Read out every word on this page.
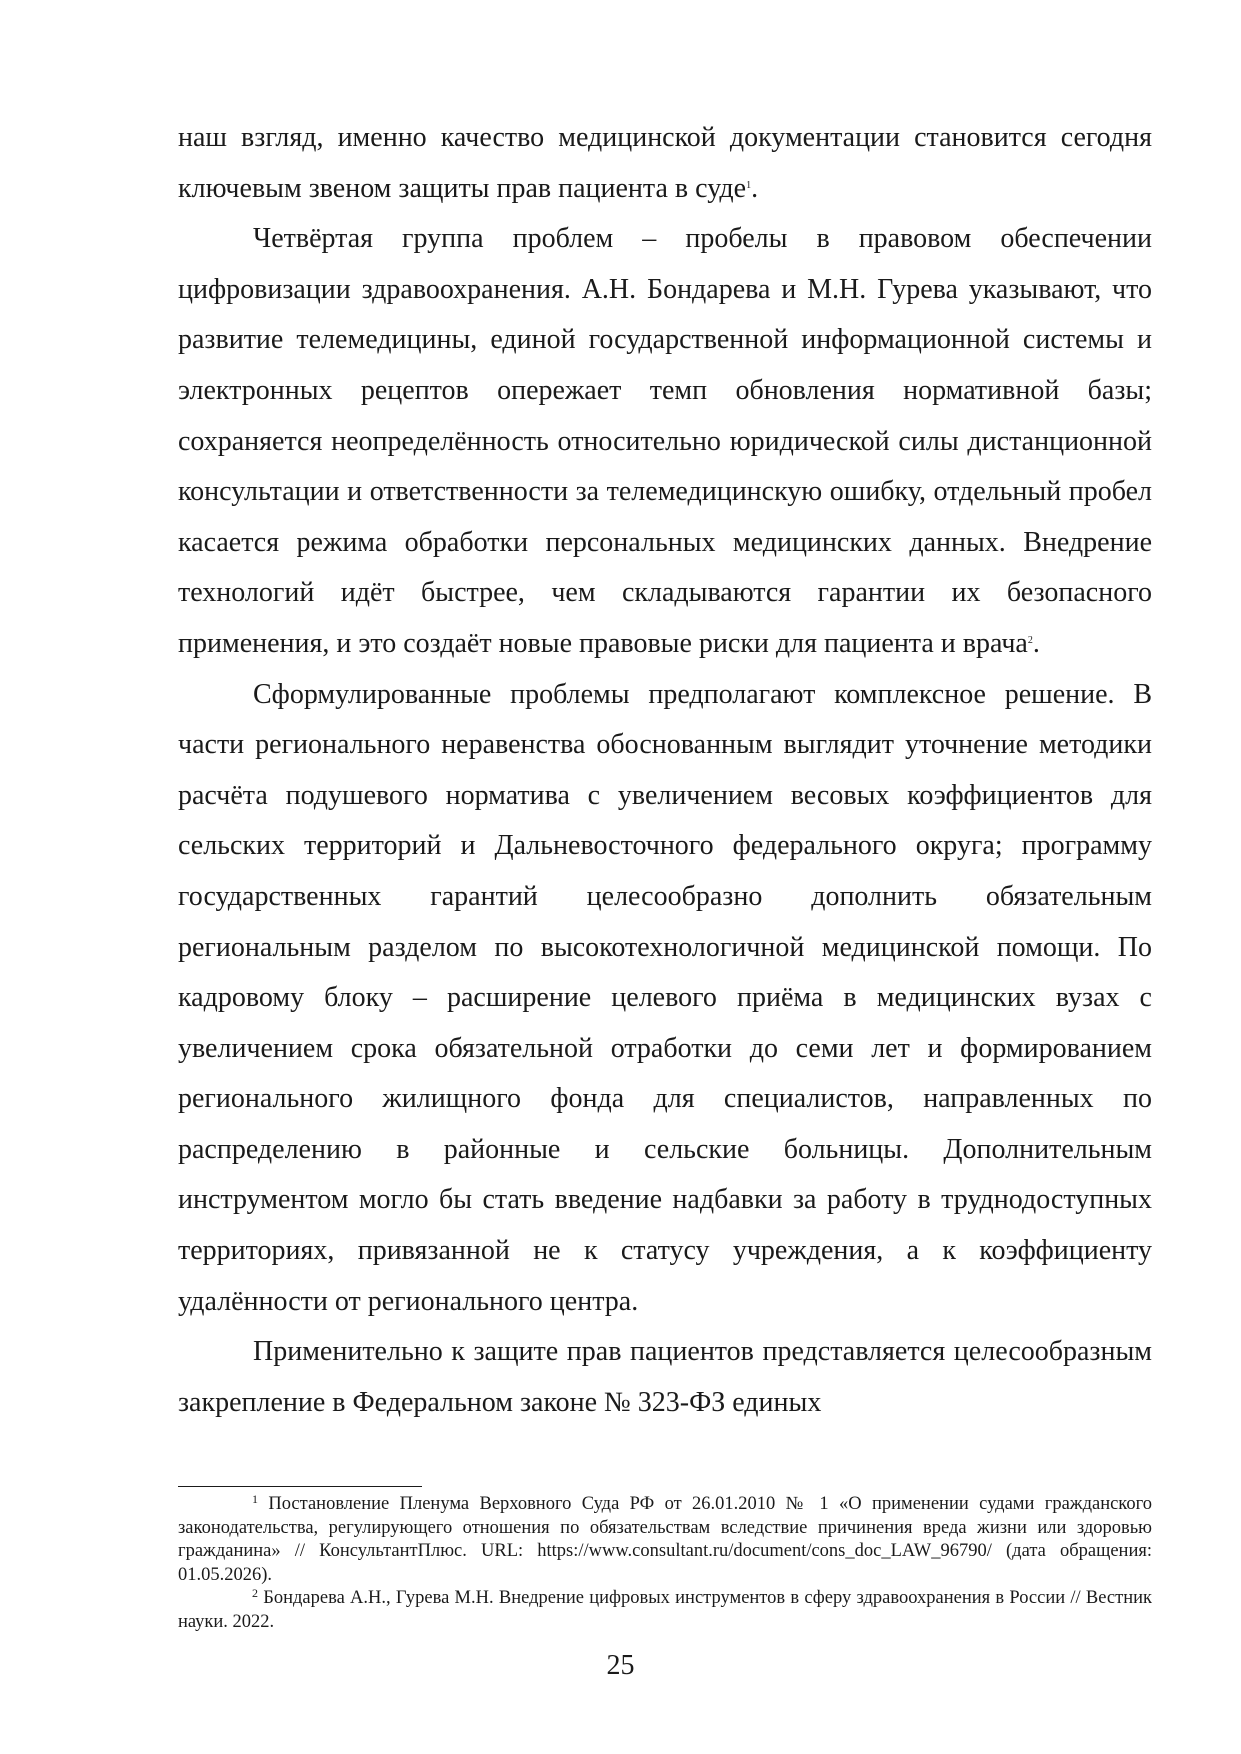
наш взгляд, именно качество медицинской документации становится сегодня ключевым звеном защиты прав пациента в суде$^1$.

Четвёртая группа проблем – пробелы в правовом обеспечении цифровизации здравоохранения. А.Н. Бондарева и М.Н. Гурева указывают, что развитие телемедицины, единой государственной информационной системы и электронных рецептов опережает темп обновления нормативной базы; сохраняется неопределённость относительно юридической силы дистанционной консультации и ответственности за телемедицинскую ошибку, отдельный пробел касается режима обработки персональных медицинских данных. Внедрение технологий идёт быстрее, чем складываются гарантии их безопасного применения, и это создаёт новые правовые риски для пациента и врача$^2$.

Сформулированные проблемы предполагают комплексное решение. В части регионального неравенства обоснованным выглядит уточнение методики расчёта подушевого норматива с увеличением весовых коэффициентов для сельских территорий и Дальневосточного федерального округа; программу государственных гарантий целесообразно дополнить обязательным региональным разделом по высокотехнологичной медицинской помощи. По кадровому блоку – расширение целевого приёма в медицинских вузах с увеличением срока обязательной отработки до семи лет и формированием регионального жилищного фонда для специалистов, направленных по распределению в районные и сельские больницы. Дополнительным инструментом могло бы стать введение надбавки за работу в труднодоступных территориях, привязанной не к статусу учреждения, а к коэффициенту удалённости от регионального центра.

Применительно к защите прав пациентов представляется целесообразным закрепление в Федеральном законе № 323-ФЗ единых

$^1$ Постановление Пленума Верховного Суда РФ от 26.01.2010 № 1 «О применении судами гражданского законодательства, регулирующего отношения по обязательствам вследствие причинения вреда жизни или здоровью гражданина» // КонсультантПлюс. URL: https://www.consultant.ru/document/cons_doc_LAW_96790/ (дата обращения: 01.05.2026).

$^2$ Бондарева А.Н., Гурева М.Н. Внедрение цифровых инструментов в сферу здравоохранения в России // Вестник науки. 2022.

25
